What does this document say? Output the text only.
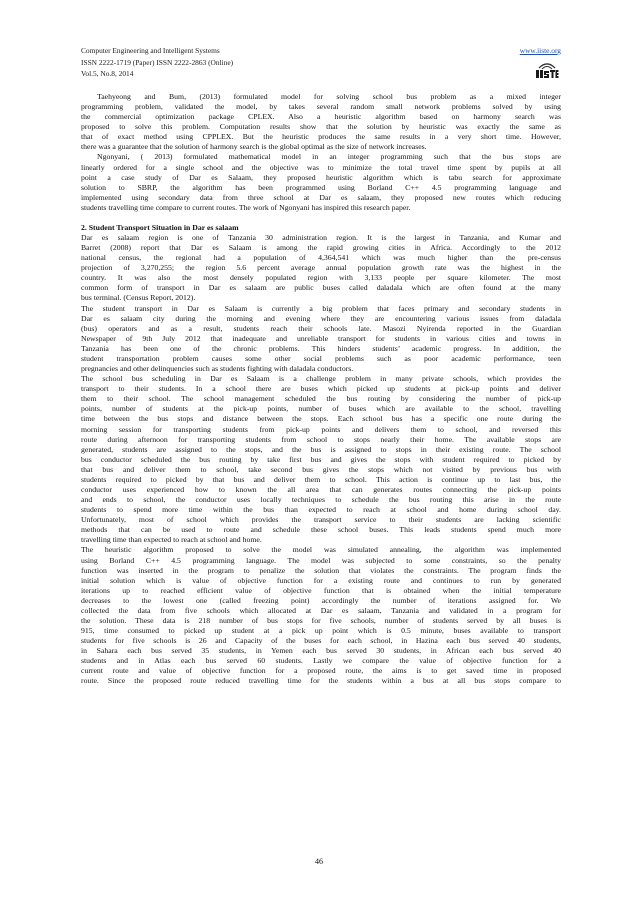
Computer Engineering and Intelligent Systems
ISSN 2222-1719 (Paper) ISSN 2222-2863 (Online)
Vol.5, No.8, 2014
www.iiste.org

Taehyeong and Bum, (2013) formulated model for solving school bus problem as a mixed integer
programming problem, validated the model, by takes several random small network problems solved by using
the commercial optimization package CPLEX. Also a heuristic algorithm based on harmony search was
proposed to solve this problem. Computation results show that the solution by heuristic was exactly the same as
that of exact method using CPPLEX. But the heuristic produces the same results in a very short time. However,
there was a guarantee that the solution of harmony search is the global optimal as the size of network increases.

Ngonyani, ( 2013) formulated mathematical model in an integer programming such that the bus stops are
linearly ordered for a single school and the objective was to minimize the total travel time spent by pupils at all
point a case study of Dar es Salaam, they proposed heuristic algorithm which is tabu search for approximate
solution to SBRP, the algorithm has been programmed using Borland C++ 4.5 programming language and
implemented using secondary data from three school at Dar es salaam, they proposed new routes which reducing
students travelling time compare to current routes. The work of Ngonyani has inspired this research paper.

2. Student Transport Situation in Dar es salaam

Dar es salaam region is one of Tanzania 30 administration region. It is the largest in Tanzania, and Kumar and
Barret (2008) report that Dar es Salaam is among the rapid growing cities in Africa. Accordingly to the 2012
national census, the regional had a population of 4,364,541 which was much higher than the pre-census
projection of 3,270,255; the region 5.6 percent average annual population growth rate was the highest in the
country. It was also the most densely populated region with 3,133 people per square kilometer. The most
common form of transport in Dar es salaam are public buses called daladala which are often found at the many
bus terminal. (Census Report, 2012).

The student transport in Dar es Salaam is currently a big problem that faces primary and secondary students in
Dar es salaam city during the morning and evening where they are encountering various issues from daladala
(bus) operators and as a result, students reach their schools late. Masozi Nyirenda reported in the Guardian
Newspaper of 9th July 2012 that inadequate and unreliable transport for students in various cities and towns in
Tanzania has been one of the chronic problems. This hinders students’ academic progress. In addition, the
student transportation problem causes some other social problems such as poor academic performance, teen
pregnancies and other delinquencies such as students fighting with daladala conductors.

The school bus scheduling in Dar es Salaam is a challenge problem in many private schools, which provides the
transport to their students. In a school there are buses which picked up students at pick-up points and deliver
them to their school. The school management scheduled the bus routing by considering the number of pick-up
points, number of students at the pick-up points, number of buses which are available to the school, travelling
time between the bus stops and distance between the stops. Each school bus has a specific one route during the
morning session for transporting students from pick-up points and delivers them to school, and reversed this
route during afternoon for transporting students from school to stops nearly their home. The available stops are
generated, students are assigned to the stops, and the bus is assigned to stops in their existing route. The school
bus conductor scheduled the bus routing by take first bus and gives the stops with student required to picked by
that bus and deliver them to school, take second bus gives the stops which not visited by previous bus with
students required to picked by that bus and deliver them to school. This action is continue up to last bus, the
conductor uses experienced how to known the all area that can generates routes connecting the pick-up points
and ends to school, the conductor uses locally techniques to schedule the bus routing this arise in the route
students to spend more time within the bus than expected to reach at school and home during school day.
Unfortunately, most of school which provides the transport service to their students are lacking scientific
methods that can be used to route and schedule these school buses. This leads students spend much more
travelling time than expected to reach at school and home.

The heuristic algorithm proposed to solve the model was simulated annealing, the algorithm was implemented
using Borland C++ 4.5 programming language. The model was subjected to some constraints, so the penalty
function was inserted in the program to penalize the solution that violates the constraints. The program finds the
initial solution which is value of objective function for a existing route and continues to run by generated
iterations up to reached efficient value of objective function that is obtained when the initial temperature
decreases to the lowest one (called freezing point) accordingly the number of iterations assigned for. We
collected the data from five schools which allocated at Dar es salaam, Tanzania and validated in a program for
the solution. These data is 218 number of bus stops for five schools, number of students served by all buses is
915, time consumed to picked up student at a pick up point which is 0.5 minute, buses available to transport
students for five schools is 26 and Capacity of the buses for each school, in Hazina each bus served 40 students,
in Sahara each bus served 35 students, in Yemen each bus served 30 students, in African each bus served 40
students and in Atlas each bus served 60 students. Lastly we compare the value of objective function for a
current route and value of objective function for a proposed route, the aims is to get saved time in proposed
route. Since the proposed route reduced travelling time for the students within a bus at all bus stops compare to

46
